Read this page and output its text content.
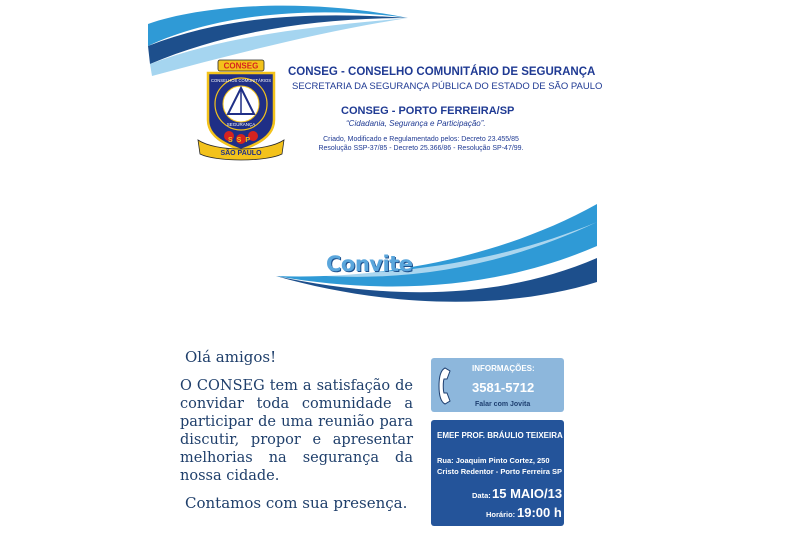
CONSEG
CONSELHOS COMUNITÁRIOS
SEGURANÇA
SSP
SÃO PAULO
CONSEG - CONSELHO COMUNITÁRIO DE SEGURANÇA
SECRETARIA DA SEGURANÇA PÚBLICA DO ESTADO DE SÃO PAULO
CONSEG - PORTO FERREIRA/SP
“Cidadania, Segurança e Participação”.
Criado, Modificado e Regulamentado pelos: Decreto 23.455/85
Resolução SSP-37/85 - Decreto 25.366/86 - Resolução SP-47/99.
Convite
Olá amigos!
O CONSEG tem a satisfação de convidar toda comunidade a participar de uma reunião para discutir, propor e apresentar melhorias na segurança da nossa cidade.
Contamos com sua presença.
INFORMAÇÕES:
3581-5712
Falar com Jovita
EMEF PROF. BRÁULIO TEIXEIRA
Rua: Joaquim Pinto Cortez, 250
Cristo Redentor - Porto Ferreira SP
Data: 15 MAIO/13
Horário: 19:00 h
